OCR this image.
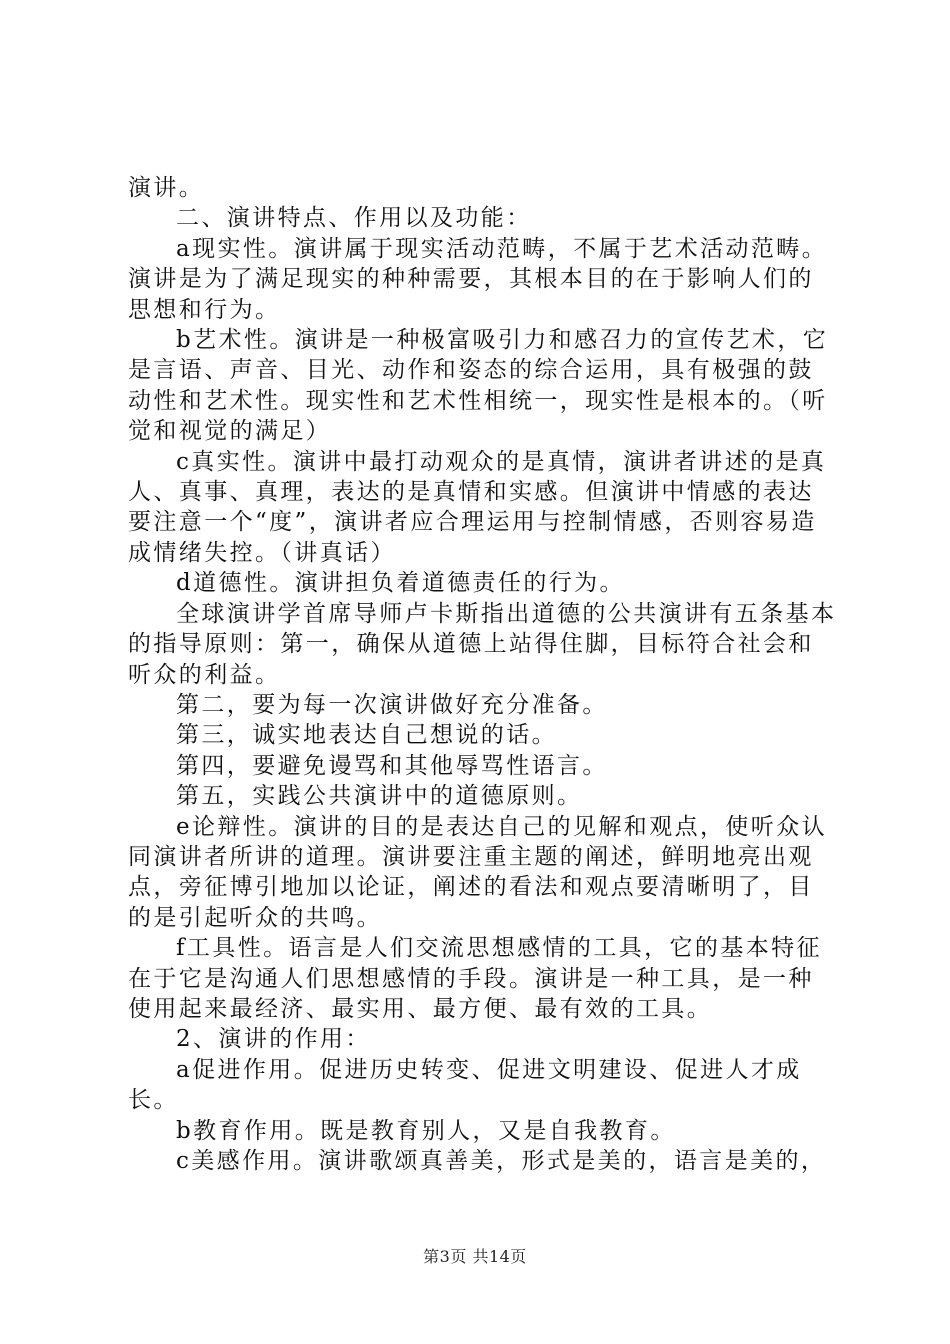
演讲。

二、演讲特点、作用以及功能：

a现实性。演讲属于现实活动范畴，不属于艺术活动范畴。演讲是为了满足现实的种种需要，其根本目的在于影响人们的思想和行为。

b艺术性。演讲是一种极富吸引力和感召力的宣传艺术，它是言语、声音、目光、动作和姿态的综合运用，具有极强的鼓动性和艺术性。现实性和艺术性相统一，现实性是根本的。（听觉和视觉的满足）

c真实性。演讲中最打动观众的是真情，演讲者讲述的是真人、真事、真理，表达的是真情和实感。但演讲中情感的表达要注意一个“度”，演讲者应合理运用与控制情感，否则容易造成情绪失控。（讲真话）

d道德性。演讲担负着道德责任的行为。

全球演讲学首席导师卢卡斯指出道德的公共演讲有五条基本的指导原则：第一，确保从道德上站得住脚，目标符合社会和听众的利益。

第二，要为每一次演讲做好充分准备。

第三，诚实地表达自己想说的话。

第四，要避免谩骂和其他辱骂性语言。

第五，实践公共演讲中的道德原则。

e论辩性。演讲的目的是表达自己的见解和观点，使听众认同演讲者所讲的道理。演讲要注重主题的阐述，鲜明地亮出观点，旁征博引地加以论证，阐述的看法和观点要清晰明了，目的是引起听众的共鸣。

f工具性。语言是人们交流思想感情的工具，它的基本特征在于它是沟通人们思想感情的手段。演讲是一种工具，是一种使用起来最经济、最实用、最方便、最有效的工具。

2、演讲的作用：

a促进作用。促进历史转变、促进文明建设、促进人才成长。

b教育作用。既是教育别人，又是自我教育。

c美感作用。演讲歌颂真善美，形式是美的，语言是美的，

第3页 共14页
